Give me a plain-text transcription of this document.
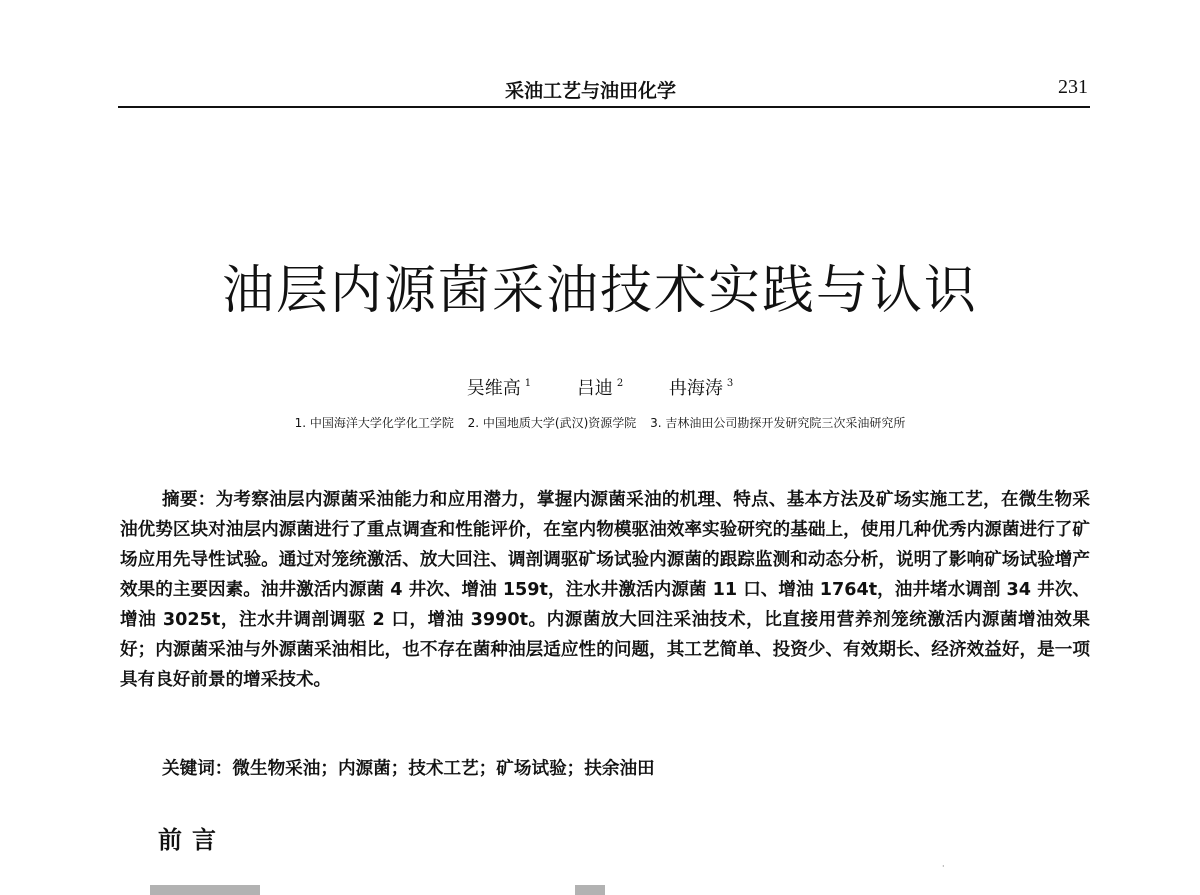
采油工艺与油田化学	231
油层内源菌采油技术实践与认识
吴维高 $^1$	吕迪 $^2$	冉海涛 $^3$
1. 中国海洋大学化学化工学院 2. 中国地质大学(武汉)资源学院 3. 吉林油田公司勘探开发研究院三次采油研究所
摘要：为考察油层内源菌采油能力和应用潜力，掌握内源菌采油的机理、特点、基本方法及矿场实施工艺，在微生物采油优势区块对油层内源菌进行了重点调查和性能评价，在室内物模驱油效率实验研究的基础上，使用几种优秀内源菌进行了矿场应用先导性试验。通过对笼统激活、放大回注、调剖调驱矿场试验内源菌的跟踪监测和动态分析，说明了影响矿场试验增产效果的主要因素。油井激活内源菌 4 井次、增油 159t，注水井激活内源菌 11 口、增油 1764t，油井堵水调剖 34 井次、增油 3025t，注水井调剖调驱 2 口，增油 3990t。内源菌放大回注采油技术，比直接用营养剂笼统激活内源菌增油效果好；内源菌采油与外源菌采油相比，也不存在菌种油层适应性的问题，其工艺简单、投资少、有效期长、经济效益好，是一项具有良好前景的增采技术。
关键词：微生物采油；内源菌；技术工艺；矿场试验；扶余油田
前言
·
